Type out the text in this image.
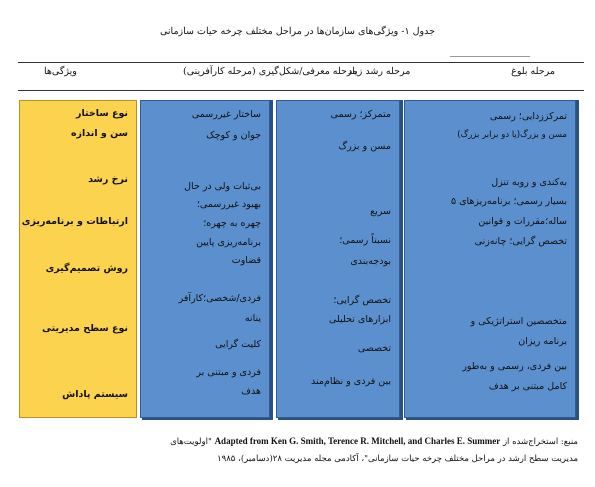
جدول ۱- ویژگی‌های سازمان‌ها در مراحل مختلف چرخه حیات سازمانی
مرحله بلوغ
مرحله رشد زیاد
مرحله معرفی/شکل‌گیری (مرحله کارآفرینی)
ویژگی‌ها
نوع ساختار
سن و اندازه
نرخ رشد
ارتباطات و برنامه‌ریزی
روش تصمیم‌گیری
نوع سطح مدیریتی
سیستم پاداش
ساختار غیررسمی
جوان و کوچک
بی‌ثبات ولی در حال
بهبود غیررسمی؛
چهره به چهره؛
برنامه‌ریزی پایین
قضاوت
فردی/شخصی؛کارآفر
ینانه
کلیت گرایی
فردی و مبتنی بر
هدف
متمرکز؛ رسمی
مسن و بزرگ
سریع
نسبتاً رسمی؛
بودجه‌بندی
تخصص گرایی؛
ابزارهای تحلیلی
تخصصی
بین فردی و نظام‌مند
تمرکززدایی؛ رسمی
مسن و بزرگ(یا دو برابر بزرگ)
به‌کندی و روبه تنزل
بسیار رسمی؛ برنامه‌ریزهای ۵
ساله؛مقررات و قوانین
تخصص گرایی؛ چانه‌زنی
متخصصین استراتژیکی و
برنامه ریزان
بین فردی، رسمی و به‌طور
کامل مبتنی بر هدف
منبع: استخراج‌شده از Adapted from Ken G. Smith, Terence R. Mitchell, and Charles E. Summer "اولویت‌های
مدیریت سطح ارشد در مراحل مختلف چرخه حیات سازمانی"، آکادمی مجله مدیریت ۲۸(دسامبر)، ۱۹۸۵
